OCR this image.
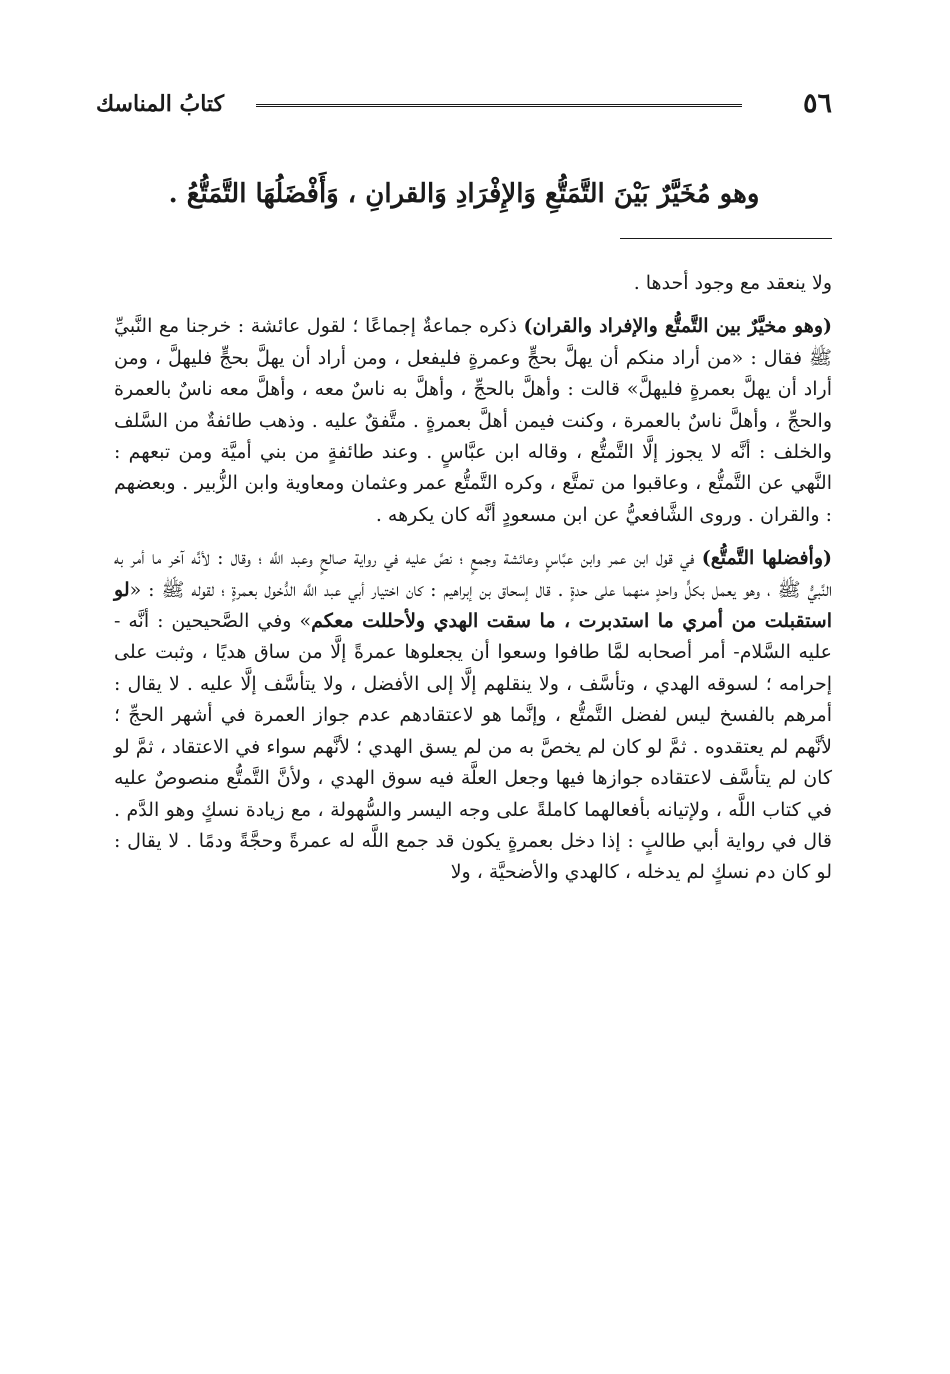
٥٦
كتابُ المناسك
وهو مُخَيَّرٌ بَيْنَ التَّمَتُّعِ وَالإِفْرَادِ وَالقرانِ ، وَأَفْضَلُهَا التَّمَتُّعُ .

ولا ينعقد مع وجود أحدها .

(وهو مخيَّرٌ بين التَّمتُّع والإفراد والقران) ذكره جماعةٌ إجماعًا ؛ لقول عائشة : خرجنا مع النَّبيِّ ﷺ فقال : «من أراد منكم أن يهلَّ بحجٍّ وعمرةٍ فليفعل ، ومن أراد أن يهلَّ بحجٍّ فليهلَّ ، ومن أراد أن يهلَّ بعمرةٍ فليهلَّ» قالت : وأهلَّ بالحجِّ ، وأهلَّ به ناسٌ معه ، وأهلَّ معه ناسٌ بالعمرة والحجِّ ، وأهلَّ ناسٌ بالعمرة ، وكنت فيمن أهلَّ بعمرةٍ . متَّفقٌ عليه . وذهب طائفةٌ من السَّلف والخلف : أنَّه لا يجوز إلَّا التَّمتُّع ، وقاله ابن عبَّاسٍ . وعند طائفةٍ من بني أميَّة ومن تبعهم : النَّهي عن التَّمتُّع ، وعاقبوا من تمتَّع ، وكره التَّمتُّع عمر وعثمان ومعاوية وابن الزُّبير . وبعضهم : والقران . وروى الشَّافعيُّ عن ابن مسعودٍ أنَّه كان يكرهه .

(وأفضلها التَّمتُّع) في قول ابن عمر وابن عبَّاسٍ وعائشة وجمعٍ ؛ نصَّ عليه في رواية صالحٍ وعبد اللَّه ؛ وقال : لأنَّه آخر ما أمر به النَّبيُّ ﷺ ، وهو يعمل بكلٍّ واحدٍ منهما على حدةٍ . قال إسحاق بن إبراهيم : كان اختيار أبي عبد اللَّه الدُّخول بعمرةٍ ؛ لقوله ﷺ : «لو استقبلت من أمري ما استدبرت ، ما سقت الهدي ولأحللت معكم» وفي الصَّحيحين : أنَّه - عليه السَّلام- أمر أصحابه لمَّا طافوا وسعوا أن يجعلوها عمرةً إلَّا من ساق هديًا ، وثبت على إحرامه ؛ لسوقه الهدي ، وتأسَّف ، ولا ينقلهم إلَّا إلى الأفضل ، ولا يتأسَّف إلَّا عليه . لا يقال : أمرهم بالفسخ ليس لفضل التَّمتُّع ، وإنَّما هو لاعتقادهم عدم جواز العمرة في أشهر الحجِّ ؛ لأنَّهم لم يعتقدوه . ثمَّ لو كان لم يخصَّ به من لم يسق الهدي ؛ لأنَّهم سواء في الاعتقاد ، ثمَّ لو كان لم يتأسَّف لاعتقاده جوازها فيها وجعل العلَّة فيه سوق الهدي ، ولأنَّ التَّمتُّع منصوصٌ عليه في كتاب اللَّه ، ولإتيانه بأفعالهما كاملةً على وجه اليسر والسُّهولة ، مع زيادة نسكٍ وهو الدَّم . قال في رواية أبي طالبٍ : إذا دخل بعمرةٍ يكون قد جمع اللَّه له عمرةً وحجَّةً ودمًا . لا يقال : لو كان دم نسكٍ لم يدخله ، كالهدي والأضحيَّة ، ولا
